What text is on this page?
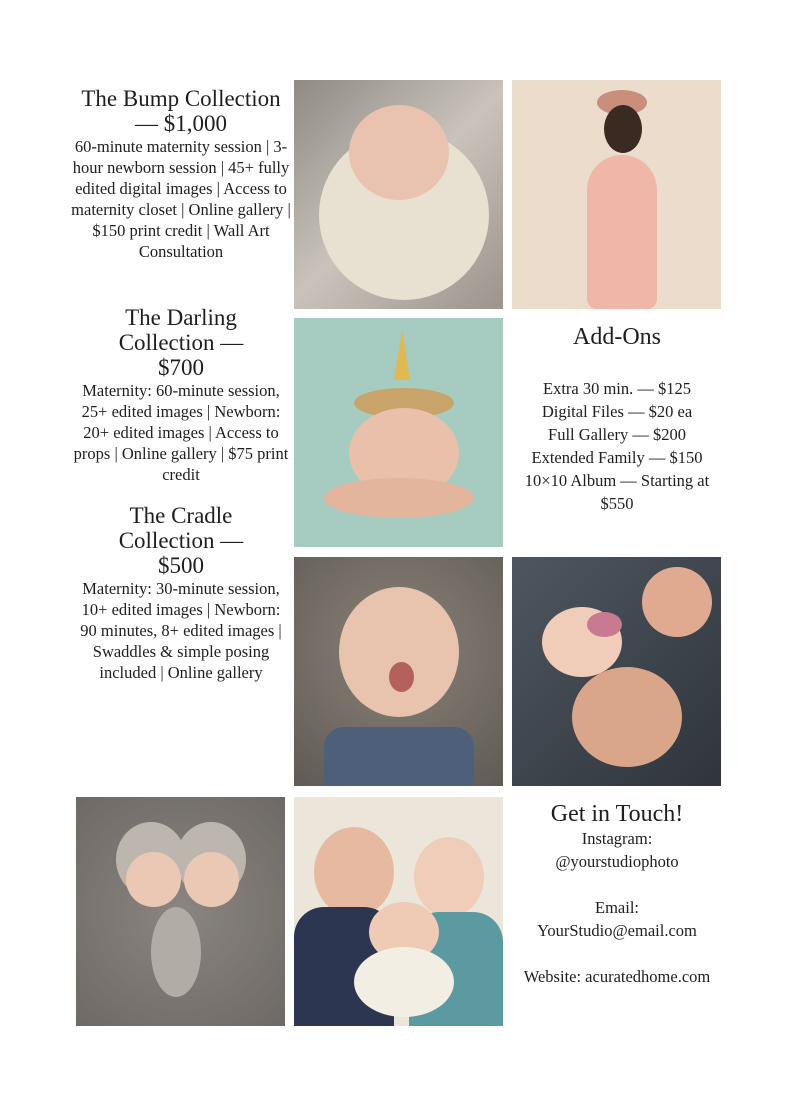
The Bump Collection — $1,000
60-minute maternity session | 3-hour newborn session | 45+ fully edited digital images | Access to maternity closet | Online gallery | $150 print credit | Wall Art Consultation
The Darling Collection — $700
Maternity: 60-minute session, 25+ edited images | Newborn: 20+ edited images | Access to props | Online gallery | $75 print credit
The Cradle Collection — $500
Maternity: 30-minute session, 10+ edited images | Newborn: 90 minutes, 8+ edited images | Swaddles & simple posing included | Online gallery
Add-Ons
Extra 30 min. — $125
Digital Files — $20 ea
Full Gallery — $200
Extended Family — $150
10×10 Album — Starting at $550
Get in Touch!
Instagram:
@yourstudiophoto
Email:
YourStudio@email.com
Website: acuratedhome.com
